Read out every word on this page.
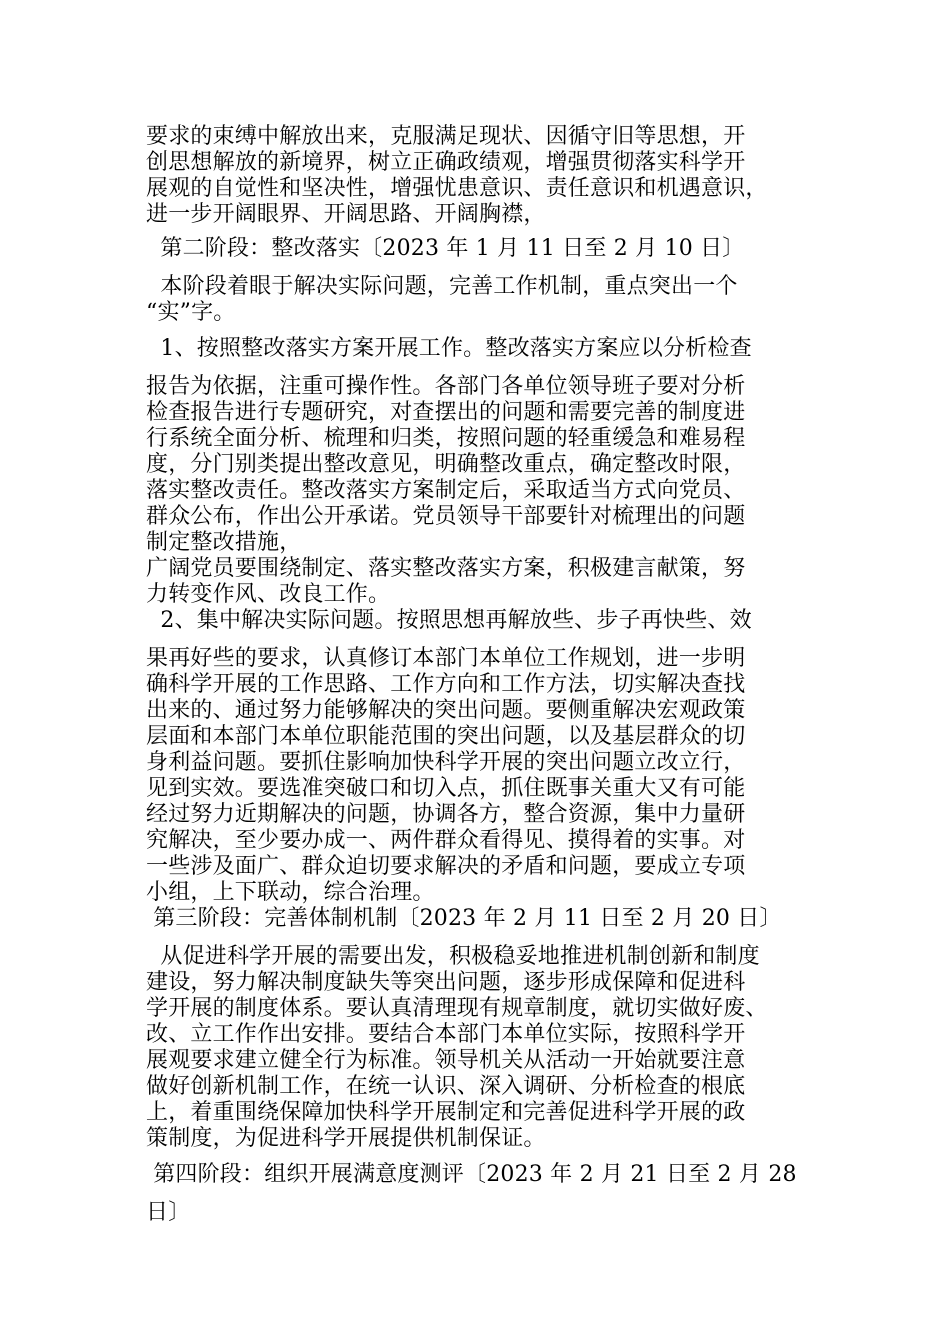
要求的束缚中解放出来，克服满足现状、因循守旧等思想，开
创思想解放的新境界，树立正确政绩观，增强贯彻落实科学开
展观的自觉性和坚决性，增强忧患意识、责任意识和机遇意识，
进一步开阔眼界、开阔思路、开阔胸襟，
第二阶段：整改落实〔2023 年 1 月 11 日至 2 月 10 日〕
本阶段着眼于解决实际问题，完善工作机制，重点突出一个
“实”字。
1、按照整改落实方案开展工作。整改落实方案应以分析检查
报告为依据，注重可操作性。各部门各单位领导班子要对分析
检查报告进行专题研究，对查摆出的问题和需要完善的制度进
行系统全面分析、梳理和归类，按照问题的轻重缓急和难易程
度，分门别类提出整改意见，明确整改重点，确定整改时限，
落实整改责任。整改落实方案制定后，采取适当方式向党员、
群众公布，作出公开承诺。党员领导干部要针对梳理出的问题
制定整改措施，
广阔党员要围绕制定、落实整改落实方案，积极建言献策，努
力转变作风、改良工作。
2、集中解决实际问题。按照思想再解放些、步子再快些、效
果再好些的要求，认真修订本部门本单位工作规划，进一步明
确科学开展的工作思路、工作方向和工作方法，切实解决查找
出来的、通过努力能够解决的突出问题。要侧重解决宏观政策
层面和本部门本单位职能范围的突出问题，以及基层群众的切
身利益问题。要抓住影响加快科学开展的突出问题立改立行，
见到实效。要选准突破口和切入点，抓住既事关重大又有可能
经过努力近期解决的问题，协调各方，整合资源，集中力量研
究解决，至少要办成一、两件群众看得见、摸得着的实事。对
一些涉及面广、群众迫切要求解决的矛盾和问题，要成立专项
小组，上下联动，综合治理。
第三阶段：完善体制机制〔2023 年 2 月 11 日至 2 月 20 日〕
从促进科学开展的需要出发，积极稳妥地推进机制创新和制度
建设，努力解决制度缺失等突出问题，逐步形成保障和促进科
学开展的制度体系。要认真清理现有规章制度，就切实做好废、
改、立工作作出安排。要结合本部门本单位实际，按照科学开
展观要求建立健全行为标准。领导机关从活动一开始就要注意
做好创新机制工作，在统一认识、深入调研、分析检查的根底
上，着重围绕保障加快科学开展制定和完善促进科学开展的政
策制度，为促进科学开展提供机制保证。
第四阶段：组织开展满意度测评〔2023 年 2 月 21 日至 2 月 28
日〕
